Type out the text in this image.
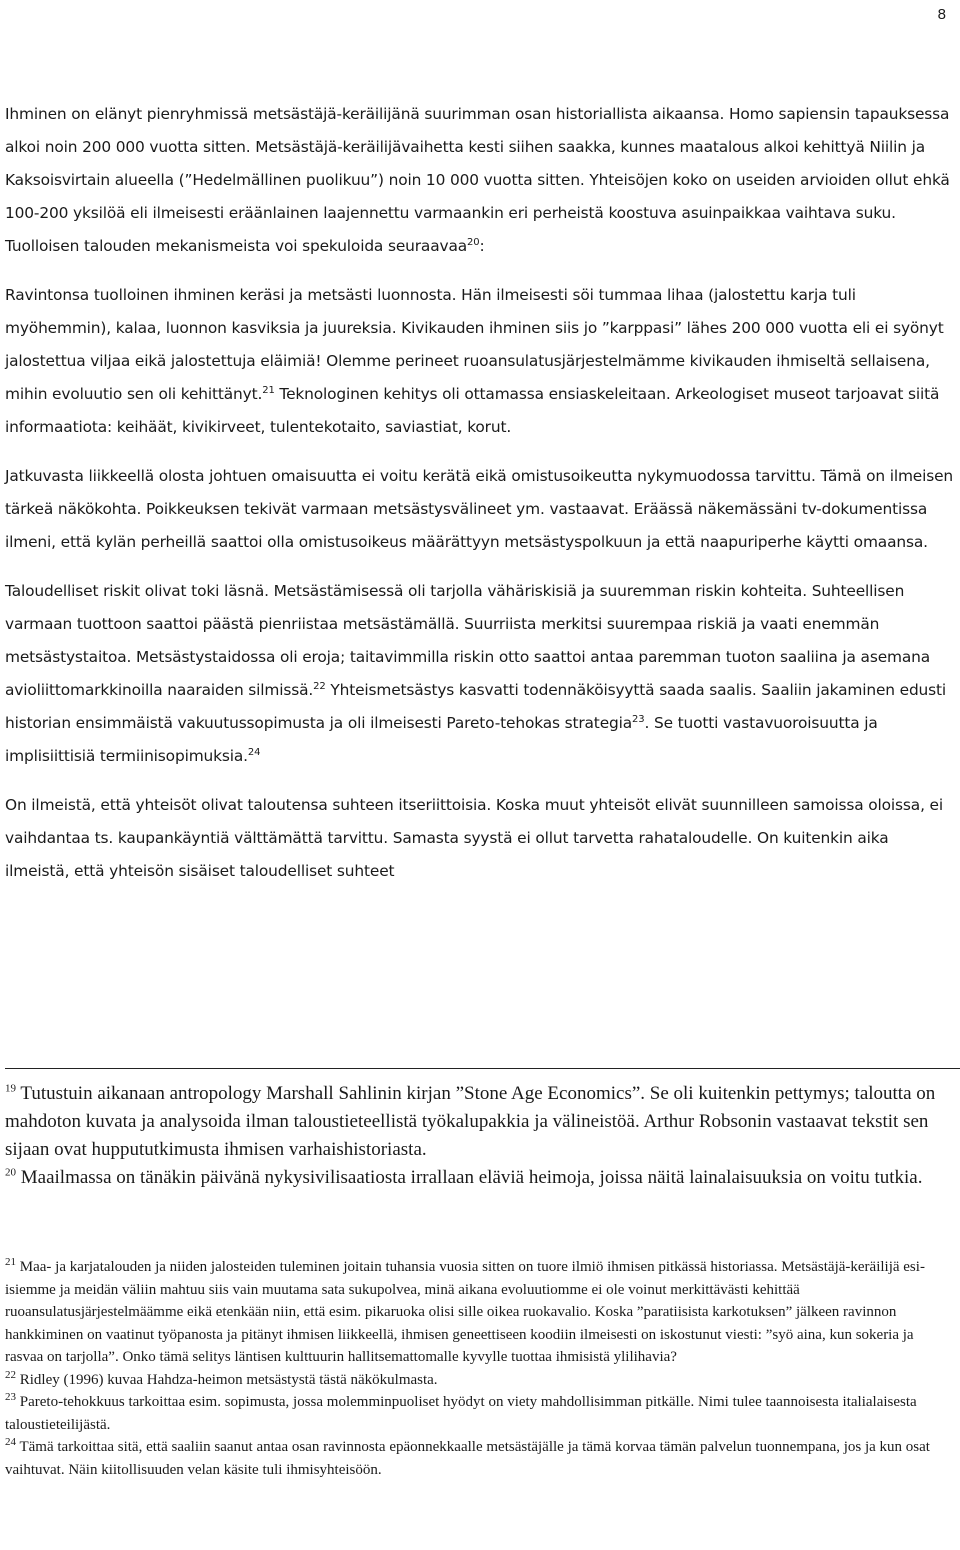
8

Ihminen on elänyt pienryhmissä metsästäjä-keräilijänä suurimman osan historiallista aikaansa. Homo sapiensin tapauksessa alkoi noin 200 000 vuotta sitten. Metsästäjä-keräilijävaihetta kesti siihen saakka, kunnes maatalous alkoi kehittyä Niilin ja Kaksoisvirtain alueella (”Hedelmällinen puolikuu”) noin 10 000 vuotta sitten. Yhteisöjen koko on useiden arvioiden ollut ehkä 100-200 yksilöä eli ilmeisesti eräänlainen laajennettu varmaankin eri perheistä koostuva asuinpaikkaa vaihtava suku. Tuolloisen talouden mekanismeista voi spekuloida seuraavaa$^{20}$:

Ravintonsa tuolloinen ihminen keräsi ja metsästi luonnosta. Hän ilmeisesti söi tummaa lihaa (jalostettu karja tuli myöhemmin), kalaa, luonnon kasviksia ja juureksia. Kivikauden ihminen siis jo ”karppasi” lähes 200 000 vuotta eli ei syönyt jalostettua viljaa eikä jalostettuja eläimiä! Olemme perineet ruoansulatusjärjestelmämme kivikauden ihmiseltä sellaisena, mihin evoluutio sen oli kehittänyt.$^{21}$ Teknologinen kehitys oli ottamassa ensiaskeleitaan. Arkeologiset museot tarjoavat siitä informaatiota: keihäät, kivikirveet, tulentekotaito, saviastiat, korut.

Jatkuvasta liikkeellä olosta johtuen omaisuutta ei voitu kerätä eikä omistusoikeutta nykymuodossa tarvittu. Tämä on ilmeisen tärkeä näkökohta. Poikkeuksen tekivät varmaan metsästysvälineet ym. vastaavat. Eräässä näkemässäni tv-dokumentissa ilmeni, että kylän perheillä saattoi olla omistusoikeus määrättyyn metsästyspolkuun ja että naapuriperhe käytti omaansa.

Taloudelliset riskit olivat toki läsnä. Metsästämisessä oli tarjolla vähäriskisiä ja suuremman riskin kohteita. Suhteellisen varmaan tuottoon saattoi päästä pienriistaa metsästämällä. Suurriista merkitsi suurempaa riskiä ja vaati enemmän metsästystaitoa. Metsästystaidossa oli eroja; taitavimmilla riskin otto saattoi antaa paremman tuoton saaliina ja asemana avioliittomarkkinoilla naaraiden silmissä.$^{22}$ Yhteismetsästys kasvatti todennäköisyyttä saada saalis. Saaliin jakaminen edusti historian ensimmäistä vakuutussopimusta ja oli ilmeisesti Pareto-tehokas strategia$^{23}$. Se tuotti vastavuoroisuutta ja implisiittisiä termiinisopimuksia.$^{24}$

On ilmeistä, että yhteisöt olivat taloutensa suhteen itseriittoisia. Koska muut yhteisöt elivät suunnilleen samoissa oloissa, ei vaihdantaa ts. kaupankäyntiä välttämättä tarvittu. Samasta syystä ei ollut tarvetta rahataloudelle. On kuitenkin aika ilmeistä, että yhteisön sisäiset taloudelliset suhteet

$^{19}$ Tutustuin aikanaan antropology Marshall Sahlinin kirjan ”Stone Age Economics”. Se oli kuitenkin pettymys; taloutta on mahdoton kuvata ja analysoida ilman taloustieteellistä työkalupakkia ja välineistöä. Arthur Robsonin vastaavat tekstit sen sijaan ovat huppututkimusta ihmisen varhaishistoriasta.

$^{20}$ Maailmassa on tänäkin päivänä nykysivilisaatiosta irrallaan eläviä heimoja, joissa näitä lainalaisuuksia on voitu tutkia.

$^{21}$ Maa- ja karjatalouden ja niiden jalosteiden tuleminen joitain tuhansia vuosia sitten on tuore ilmiö ihmisen pitkässä historiassa. Metsästäjä-keräilijä esi-isiemme ja meidän väliin mahtuu siis vain muutama sata sukupolvea, minä aikana evoluutiomme ei ole voinut merkittävästi kehittää ruoansulatusjärjestelmäämme eikä etenkään niin, että esim. pikaruoka olisi sille oikea ruokavalio. Koska ”paratiisista karkotuksen” jälkeen ravinnon hankkiminen on vaatinut työpanosta ja pitänyt ihmisen liikkeellä, ihmisen geneettiseen koodiin ilmeisesti on iskostunut viesti: ”syö aina, kun sokeria ja rasvaa on tarjolla”. Onko tämä selitys läntisen kulttuurin hallitsemattomalle kyvylle tuottaa ihmisistä ylilihavia?

$^{22}$ Ridley (1996) kuvaa Hahdza-heimon metsästystä tästä näkökulmasta.

$^{23}$ Pareto-tehokkuus tarkoittaa esim. sopimusta, jossa molemminpuoliset hyödyt on viety mahdollisimman pitkälle. Nimi tulee taannoisesta italialaisesta taloustieteilijästä.

$^{24}$ Tämä tarkoittaa sitä, että saaliin saanut antaa osan ravinnosta epäonnekkaalle metsästäjälle ja tämä korvaa tämän palvelun tuonnempana, jos ja kun osat vaihtuvat. Näin kiitollisuuden velan käsite tuli ihmisyhteisöön.
